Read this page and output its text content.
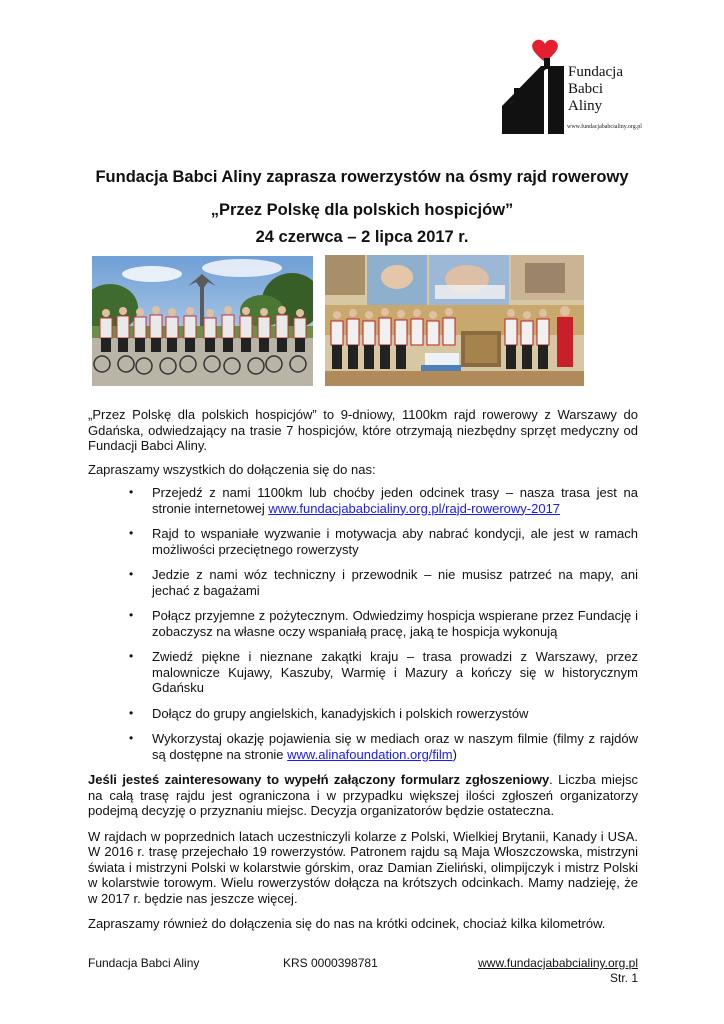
Fundacja
Babci
Aliny
www.fundacjababcialiny.org.pl
Fundacja Babci Aliny zaprasza rowerzystów na ósmy rajd rowerowy
„Przez Polskę dla polskich hospicjów”
24 czerwca – 2 lipca 2017 r.

„Przez Polskę dla polskich hospicjów” to 9-dniowy, 1100km rajd rowerowy z Warszawy do Gdańska, odwiedzający na trasie 7 hospicjów, które otrzymają niezbędny sprzęt medyczny od Fundacji Babci Aliny.

Zapraszamy wszystkich do dołączenia się do nas:

• Przejedź z nami 1100km lub choćby jeden odcinek trasy – nasza trasa jest na stronie internetowej www.fundacjababcialiny.org.pl/rajd-rowerowy-2017
• Rajd to wspaniałe wyzwanie i motywacja aby nabrać kondycji, ale jest w ramach możliwości przeciętnego rowerzysty
• Jedzie z nami wóz techniczny i przewodnik – nie musisz patrzeć na mapy, ani jechać z bagażami
• Połącz przyjemne z pożytecznym. Odwiedzimy hospicja wspierane przez Fundację i zobaczysz na własne oczy wspaniałą pracę, jaką te hospicja wykonują
• Zwiedź piękne i nieznane zakątki kraju – trasa prowadzi z Warszawy, przez malownicze Kujawy, Kaszuby, Warmię i Mazury a kończy się w historycznym Gdańsku
• Dołącz do grupy angielskich, kanadyjskich i polskich rowerzystów
• Wykorzystaj okazję pojawienia się w mediach oraz w naszym filmie (filmy z rajdów są dostępne na stronie www.alinafoundation.org/film)

Jeśli jesteś zainteresowany to wypełń załączony formularz zgłoszeniowy. Liczba miejsc na całą trasę rajdu jest ograniczona i w przypadku większej ilości zgłoszeń organizatorzy podejmą decyzję o przyznaniu miejsc. Decyzja organizatorów będzie ostateczna.

W rajdach w poprzednich latach uczestniczyli kolarze z Polski, Wielkiej Brytanii, Kanady i USA. W 2016 r. trasę przejechało 19 rowerzystów. Patronem rajdu są Maja Włoszczowska, mistrzyni świata i mistrzyni Polski w kolarstwie górskim, oraz Damian Zieliński, olimpijczyk i mistrz Polski w kolarstwie torowym. Wielu rowerzystów dołącza na krótszych odcinkach. Mamy nadzieję, że w 2017 r. będzie nas jeszcze więcej.

Zapraszamy również do dołączenia się do nas na krótki odcinek, chociaż kilka kilometrów.

Fundacja Babci Aliny	KRS 0000398781	www.fundacjababcialiny.org.pl
Str. 1
